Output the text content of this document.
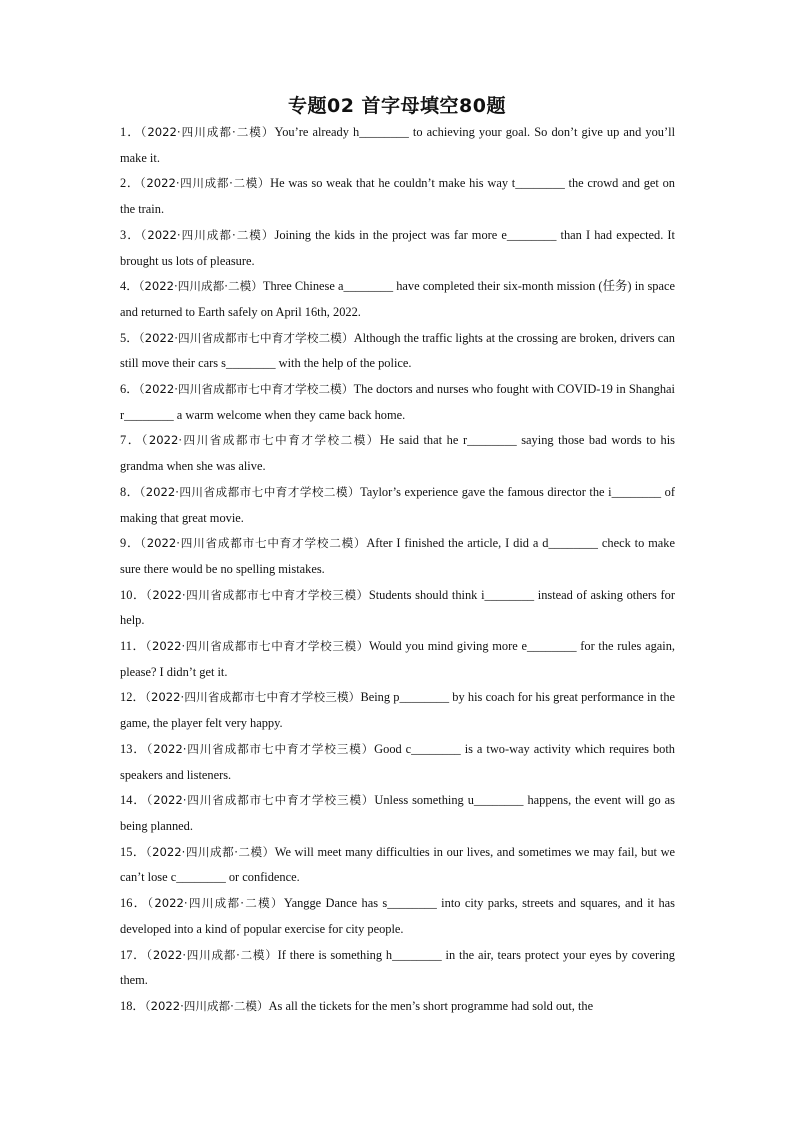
专题02 首字母填空80题
1．（2022·四川成都·二模）You’re already h________ to achieving your goal. So don’t give up and you’ll make it.
2．（2022·四川成都·二模）He was so weak that he couldn’t make his way t________ the crowd and get on the train.
3．（2022·四川成都·二模）Joining the kids in the project was far more e________ than I had expected. It brought us lots of pleasure.
4．（2022·四川成都·二模）Three Chinese a________ have completed their six-month mission (任务) in space and returned to Earth safely on April 16th, 2022.
5．（2022·四川省成都市七中育才学校二模）Although the traffic lights at the crossing are broken, drivers can still move their cars s________ with the help of the police.
6．（2022·四川省成都市七中育才学校二模）The doctors and nurses who fought with COVID-19 in Shanghai r________ a warm welcome when they came back home.
7．（2022·四川省成都市七中育才学校二模）He said that he r________ saying those bad words to his grandma when she was alive.
8．（2022·四川省成都市七中育才学校二模）Taylor’s experience gave the famous director the i________ of making that great movie.
9．（2022·四川省成都市七中育才学校二模）After I finished the article, I did a d________ check to make sure there would be no spelling mistakes.
10．（2022·四川省成都市七中育才学校三模）Students should think i________ instead of asking others for help.
11．（2022·四川省成都市七中育才学校三模）Would you mind giving more e________ for the rules again, please? I didn’t get it.
12．（2022·四川省成都市七中育才学校三模）Being p________ by his coach for his great performance in the game, the player felt very happy.
13．（2022·四川省成都市七中育才学校三模）Good c________ is a two-way activity which requires both speakers and listeners.
14．（2022·四川省成都市七中育才学校三模）Unless something u________ happens, the event will go as being planned.
15．（2022·四川成都·二模）We will meet many difficulties in our lives, and sometimes we may fail, but we can’t lose c________ or confidence.
16．（2022·四川成都·二模）Yangge Dance has s________ into city parks, streets and squares, and it has developed into a kind of popular exercise for city people.
17．（2022·四川成都·二模）If there is something h________ in the air, tears protect your eyes by covering them.
18．（2022·四川成都·二模）As all the tickets for the men’s short programme had sold out, the
